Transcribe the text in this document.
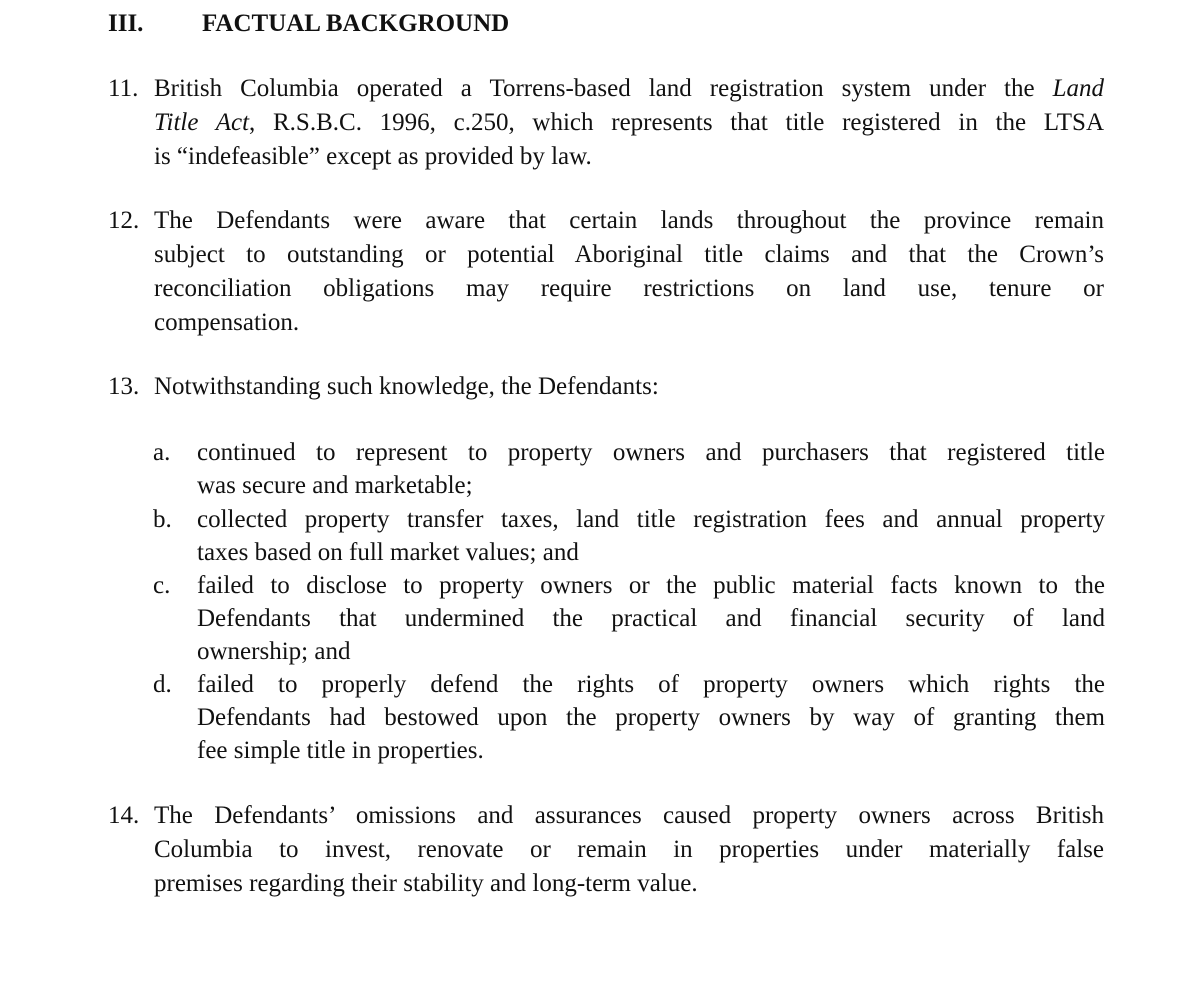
III. FACTUAL BACKGROUND
11. British Columbia operated a Torrens-based land registration system under the Land
Title Act, R.S.B.C. 1996, c.250, which represents that title registered in the LTSA
is “indefeasible” except as provided by law.
12. The Defendants were aware that certain lands throughout the province remain
subject to outstanding or potential Aboriginal title claims and that the Crown’s
reconciliation obligations may require restrictions on land use, tenure or
compensation.
13. Notwithstanding such knowledge, the Defendants:
a.	continued to represent to property owners and purchasers that registered title
was secure and marketable;
b.	collected property transfer taxes, land title registration fees and annual property
taxes based on full market values; and
c.	failed to disclose to property owners or the public material facts known to the
Defendants that undermined the practical and financial security of land
ownership; and
d.	failed to properly defend the rights of property owners which rights the
Defendants had bestowed upon the property owners by way of granting them
fee simple title in properties.
14. The Defendants’ omissions and assurances caused property owners across British
Columbia to invest, renovate or remain in properties under materially false
premises regarding their stability and long-term value.
